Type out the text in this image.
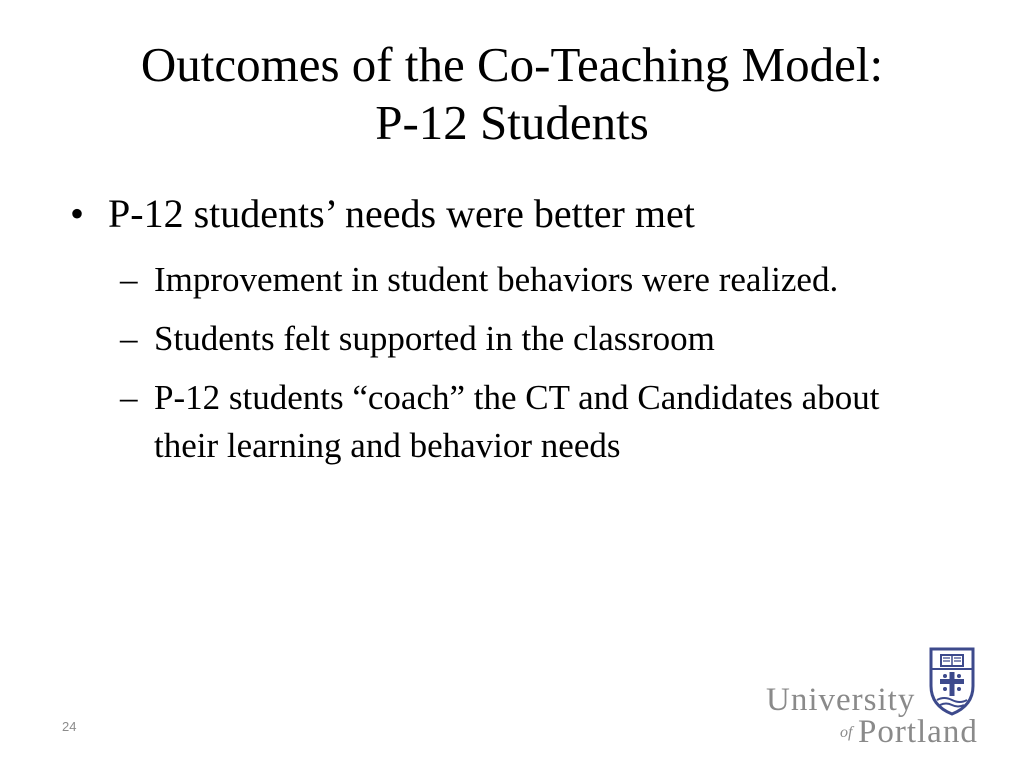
Outcomes of the Co-Teaching Model:
P-12 Students
• P-12 students’ needs were better met
– Improvement in student behaviors were realized.
– Students felt supported in the classroom
– P-12 students “coach” the CT and Candidates about their learning and behavior needs
24
University
of Portland
